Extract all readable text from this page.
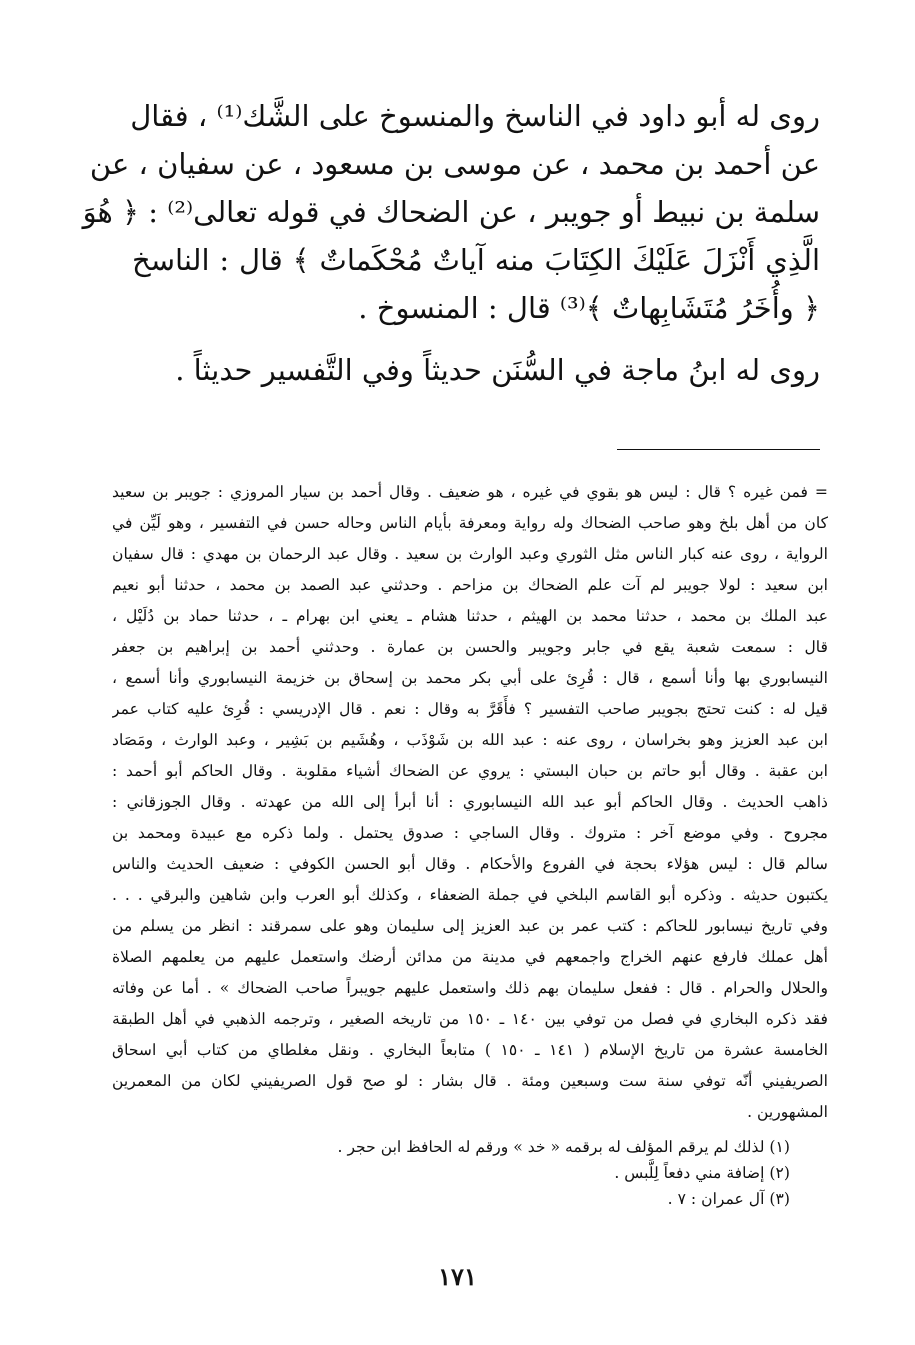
روى له أبو داود في الناسخ والمنسوخ على الشَّك⁽¹⁾ ، فقال

عن أحمد بن محمد ، عن موسى بن مسعود ، عن سفيان ، عن

سلمة بن نبيط أو جويبر ، عن الضحاك في قوله تعالى⁽²⁾ : ﴿ هُوَ

الَّذِي أَنْزَلَ عَلَيْكَ الكِتَابَ منه آياتٌ مُحْكَماتٌ ﴾ قال : الناسخ

﴿ وأُخَرُ مُتَشَابِهاتٌ ﴾⁽³⁾ قال : المنسوخ .

روى له ابنُ ماجة في السُّنَن حديثاً وفي التَّفسير حديثاً .

= فمن غيره ؟ قال : ليس هو بقوي في غيره ، هو ضعيف . وقال أحمد بن سيار المروزي : جويبر بن سعيد

كان من أهل بلخ وهو صاحب الضحاك وله رواية ومعرفة بأيام الناس وحاله حسن في التفسير ، وهو لَيِّن في

الرواية ، روى عنه كبار الناس مثل الثوري وعبد الوارث بن سعيد . وقال عبد الرحمان بن مهدي : قال سفيان

ابن سعيد : لولا جويبر لم آت علم الضحاك بن مزاحم . وحدثني عبد الصمد بن محمد ، حدثنا أبو نعيم

عبد الملك بن محمد ، حدثنا محمد بن الهيثم ، حدثنا هشام ـ يعني ابن بهرام ـ ، حدثنا حماد بن دُلَيْل ،

قال : سمعت شعبة يقع في جابر وجويبر والحسن بن عمارة . وحدثني أحمد بن إبراهيم بن جعفر

النيسابوري بها وأنا أسمع ، قال : قُرِئ على أبي بكر محمد بن إسحاق بن خزيمة النيسابوري وأنا أسمع ،

قيل له : كنت تحتج بجويبر صاحب التفسير ؟ فأَقَرَّ به وقال : نعم . قال الإدريسي : قُرِئ عليه كتاب عمر

ابن عبد العزيز وهو بخراسان ، روى عنه : عبد الله بن شَوْذَب ، وهُشَيم بن بَشِير ، وعبد الوارث ، ومَصَاد

ابن عقبة . وقال أبو حاتم بن حبان البستي : يروي عن الضحاك أشياء مقلوبة . وقال الحاكم أبو أحمد :

ذاهب الحديث . وقال الحاكم أبو عبد الله النيسابوري : أنا أبرأ إلى الله من عهدته . وقال الجوزقاني :

مجروح . وفي موضع آخر : متروك . وقال الساجي : صدوق يحتمل . ولما ذكره مع عبيدة ومحمد بن

سالم قال : ليس هؤلاء بحجة في الفروع والأحكام . وقال أبو الحسن الكوفي : ضعيف الحديث والناس

يكتبون حديثه . وذكره أبو القاسم البلخي في جملة الضعفاء ، وكذلك أبو العرب وابن شاهين والبرقي . . .

وفي تاريخ نيسابور للحاكم : كتب عمر بن عبد العزيز إلى سليمان وهو على سمرقند : انظر من يسلم من

أهل عملك فارفع عنهم الخراج واجمعهم في مدينة من مدائن أرضك واستعمل عليهم من يعلمهم الصلاة

والحلال والحرام . قال : ففعل سليمان بهم ذلك واستعمل عليهم جويبراً صاحب الضحاك » . أما عن وفاته

فقد ذكره البخاري في فصل من توفي بين ١٤٠ ـ ١٥٠ من تاريخه الصغير ، وترجمه الذهبي في أهل الطبقة

الخامسة عشرة من تاريخ الإسلام ( ١٤١ ـ ١٥٠ ) متابعاً البخاري . ونقل مغلطاي من كتاب أبي اسحاق

الصريفيني أنّه توفي سنة ست وسبعين ومئة . قال بشار : لو صح قول الصريفيني لكان من المعمرين

المشهورين .

(١) لذلك لم يرقم المؤلف له برقمه « خد » ورقم له الحافظ ابن حجر .

(٢) إضافة مني دفعاً لِلَّبس .

(٣) آل عمران : ٧ .

١٧١
